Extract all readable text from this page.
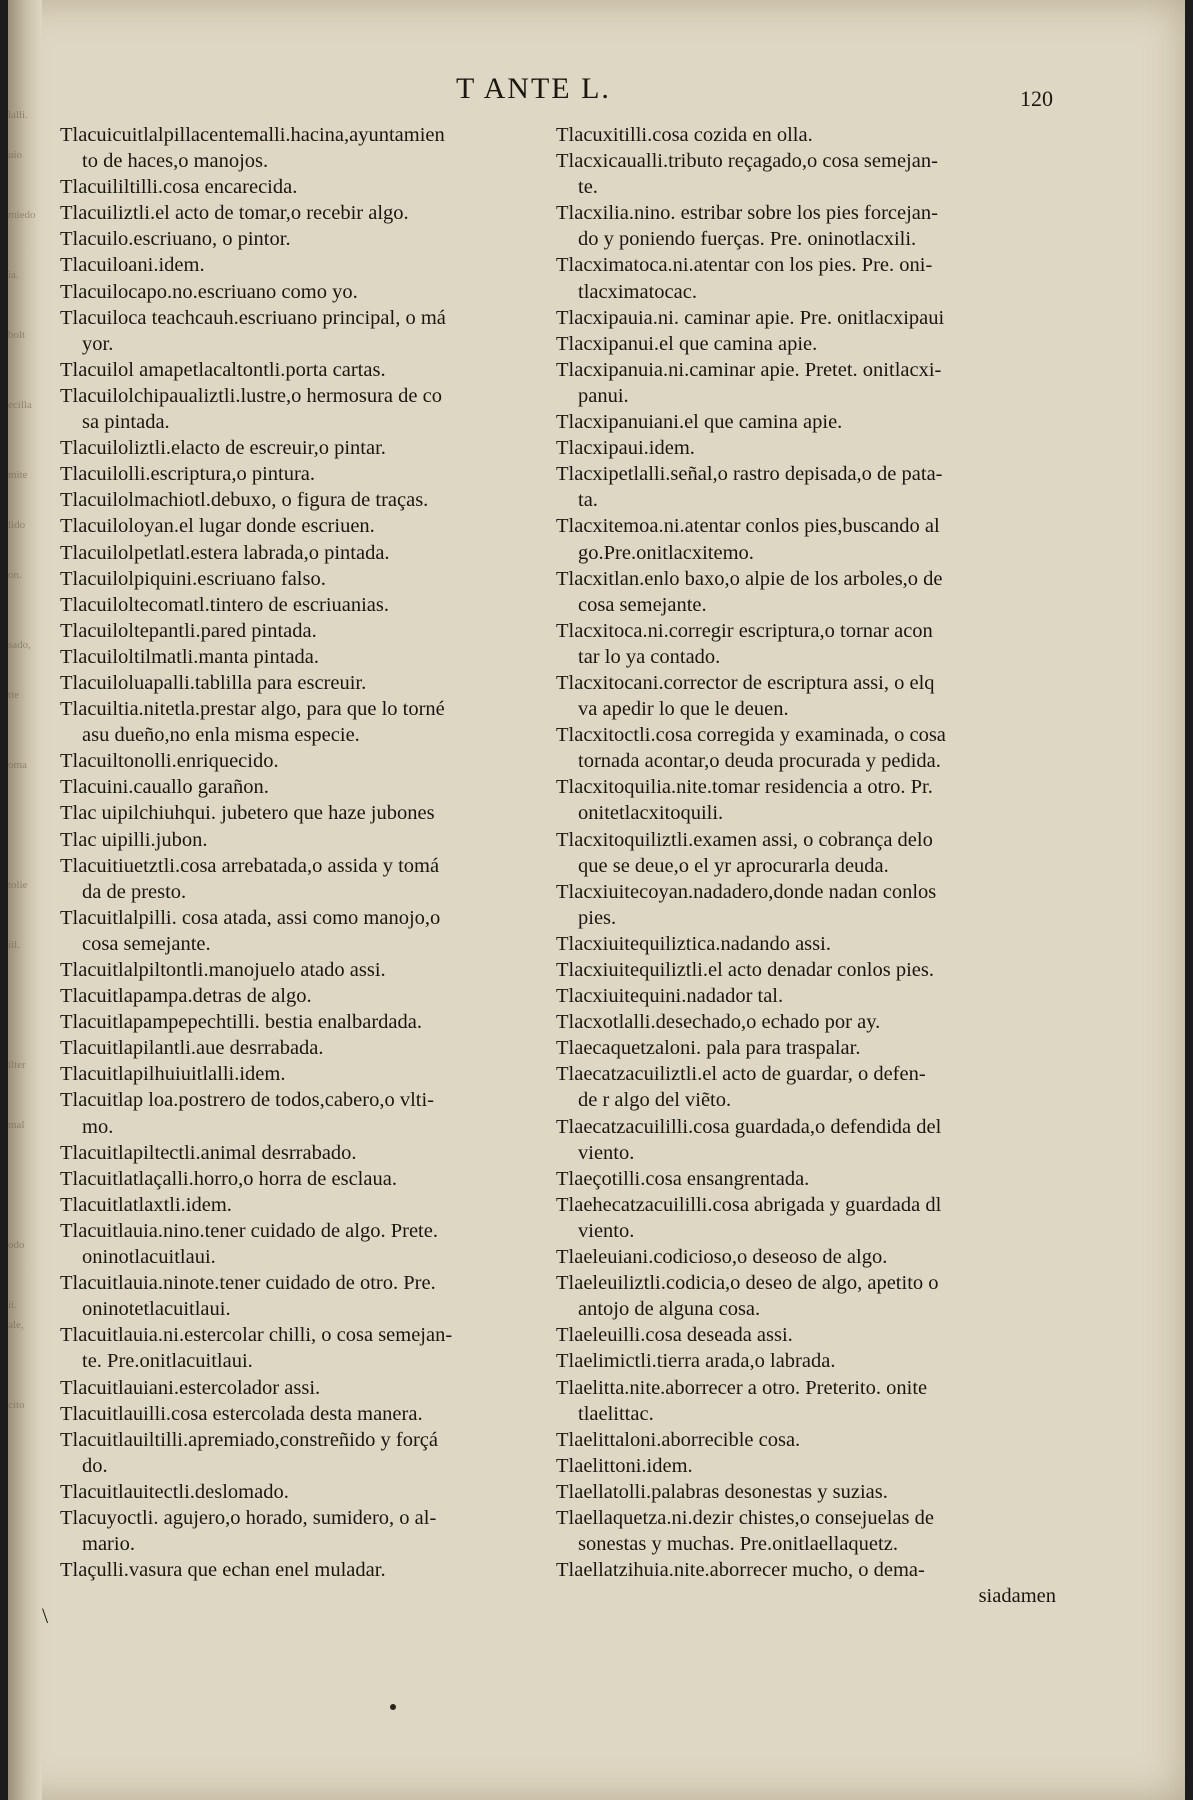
lalli.
uio
miedo
ia.
bolt
ecilla
mite
lido
on.
sado,
tte
oma
tolie
iil.
ilter
mal
odo
ii.
ale,
cito
T ANTE L.	120
Tlacuicuitlalpillacentemalli.hacina,ayuntamien
to de haces,o manojos.
Tlacuililtilli.cosa encarecida.
Tlacuiliztli.el acto de tomar,o recebir algo.
Tlacuilo.escriuano, o pintor.
Tlacuiloani.idem.
Tlacuilocapo.no.escriuano como yo.
Tlacuiloca teachcauh.escriuano principal, o má
yor.
Tlacuilol amapetlacaltontli.porta cartas.
Tlacuilolchipaualiztli.lustre,o hermosura de co
sa pintada.
Tlacuiloliztli.elacto de escreuir,o pintar.
Tlacuilolli.escriptura,o pintura.
Tlacuilolmachiotl.debuxo, o figura de traças.
Tlacuiloloyan.el lugar donde escriuen.
Tlacuilolpetlatl.estera labrada,o pintada.
Tlacuilolpiquini.escriuano falso.
Tlacuiloltecomatl.tintero de escriuanias.
Tlacuiloltepantli.pared pintada.
Tlacuiloltilmatli.manta pintada.
Tlacuiloluapalli.tablilla para escreuir.
Tlacuiltia.nitetla.prestar algo, para que lo torné
asu dueño,no enla misma especie.
Tlacuiltonolli.enriquecido.
Tlacuini.cauallo garañon.
Tlac uipilchiuhqui. jubetero que haze jubones
Tlac uipilli.jubon.
Tlacuitiuetztli.cosa arrebatada,o assida y tomá
da de presto.
Tlacuitlalpilli. cosa atada, assi como manojo,o
cosa semejante.
Tlacuitlalpiltontli.manojuelo atado assi.
Tlacuitlapampa.detras de algo.
Tlacuitlapampepechtilli. bestia enalbardada.
Tlacuitlapilantli.aue desrrabada.
Tlacuitlapilhuiuitlalli.idem.
Tlacuitlap loa.postrero de todos,cabero,o vlti-
mo.
Tlacuitlapiltectli.animal desrrabado.
Tlacuitlatlaçalli.horro,o horra de esclaua.
Tlacuitlatlaxtli.idem.
Tlacuitlauia.nino.tener cuidado de algo. Prete.
oninotlacuitlaui.
Tlacuitlauia.ninote.tener cuidado de otro. Pre.
oninotetlacuitlaui.
Tlacuitlauia.ni.estercolar chilli, o cosa semejan-
te. Pre.onitlacuitlaui.
Tlacuitlauiani.estercolador assi.
Tlacuitlauilli.cosa estercolada desta manera.
Tlacuitlauiltilli.apremiado,constreñido y forçá
do.
Tlacuitlauitectli.deslomado.
Tlacuyoctli. agujero,o horado, sumidero, o al-
mario.
Tlaçulli.vasura que echan enel muladar.
Tlacuxitilli.cosa cozida en olla.
Tlacxicaualli.tributo reçagado,o cosa semejan-
te.
Tlacxilia.nino. estribar sobre los pies forcejan-
do y poniendo fuerças. Pre. oninotlacxili.
Tlacximatoca.ni.atentar con los pies. Pre. oni-
tlacximatocac.
Tlacxipauia.ni. caminar apie. Pre. onitlacxipaui
Tlacxipanui.el que camina apie.
Tlacxipanuia.ni.caminar apie. Pretet. onitlacxi-
panui.
Tlacxipanuiani.el que camina apie.
Tlacxipaui.idem.
Tlacxipetlalli.señal,o rastro depisada,o de pata-
ta.
Tlacxitemoa.ni.atentar conlos pies,buscando al
go.Pre.onitlacxitemo.
Tlacxitlan.enlo baxo,o alpie de los arboles,o de
cosa semejante.
Tlacxitoca.ni.corregir escriptura,o tornar acon
tar lo ya contado.
Tlacxitocani.corrector de escriptura assi, o elq
va apedir lo que le deuen.
Tlacxitoctli.cosa corregida y examinada, o cosa
tornada acontar,o deuda procurada y pedida.
Tlacxitoquilia.nite.tomar residencia a otro. Pr.
onitetlacxitoquili.
Tlacxitoquiliztli.examen assi, o cobrança delo
que se deue,o el yr aprocurarla deuda.
Tlacxiuitecoyan.nadadero,donde nadan conlos
pies.
Tlacxiuitequiliztica.nadando assi.
Tlacxiuitequiliztli.el acto denadar conlos pies.
Tlacxiuitequini.nadador tal.
Tlacxotlalli.desechado,o echado por ay.
Tlaecaquetzaloni. pala para traspalar.
Tlaecatzacuiliztli.el acto de guardar, o defen-
de r algo del viẽto.
Tlaecatzacuililli.cosa guardada,o defendida del
viento.
Tlaeçotilli.cosa ensangrentada.
Tlaehecatzacuililli.cosa abrigada y guardada dl
viento.
Tlaeleuiani.codicioso,o deseoso de algo.
Tlaeleuiliztli.codicia,o deseo de algo, apetito o
antojo de alguna cosa.
Tlaeleuilli.cosa deseada assi.
Tlaelimictli.tierra arada,o labrada.
Tlaelitta.nite.aborrecer a otro. Preterito. onite
tlaelittac.
Tlaelittaloni.aborrecible cosa.
Tlaelittoni.idem.
Tlaellatolli.palabras desonestas y suzias.
Tlaellaquetza.ni.dezir chistes,o consejuelas de
sonestas y muchas. Pre.onitlaellaquetz.
Tlaellatzihuia.nite.aborrecer mucho, o dema-
siadamen
\
